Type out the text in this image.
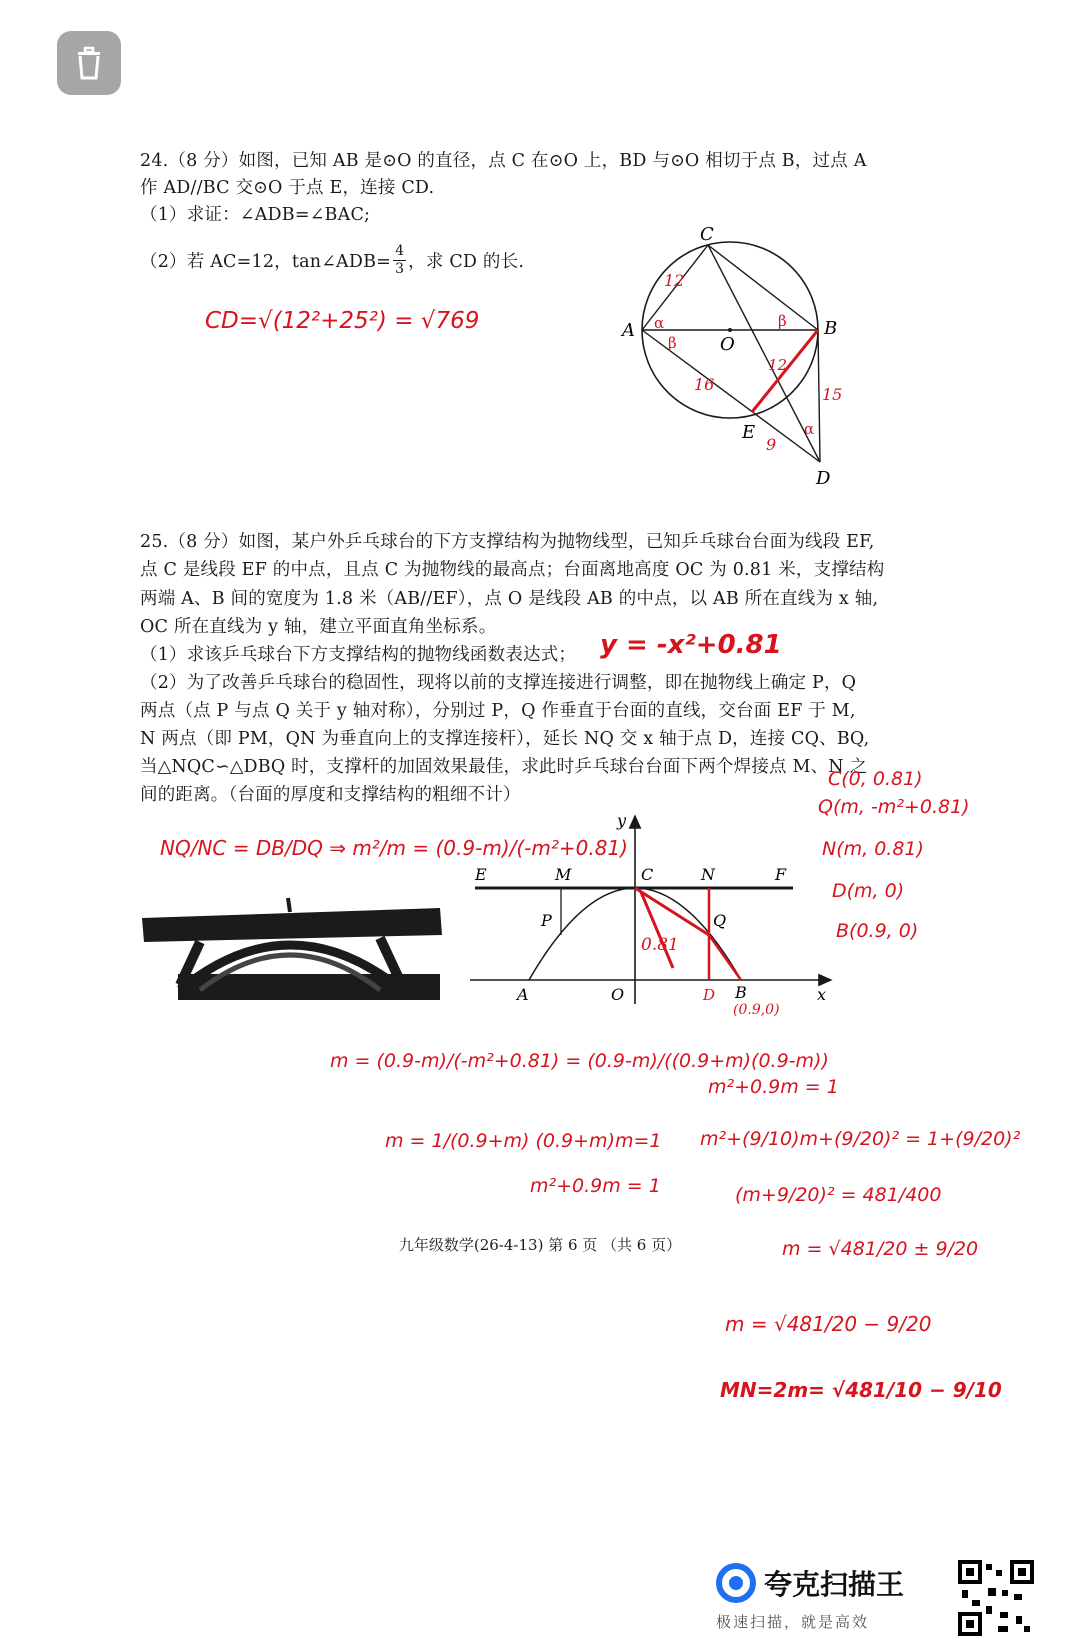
24.（8 分）如图，已知 AB 是⊙O 的直径，点 C 在⊙O 上，BD 与⊙O 相切于点 B，过点 A
作 AD//BC 交⊙O 于点 E，连接 CD.
（1）求证：∠ADB=∠BAC;
（2）若 AC=12，tan∠ADB= $\frac{4}{3}$ ，求 CD 的长.
C
A
O
B
E
D
12
α
β
β
16
12
15
9
α
CD=√(12²+25²) = √769
25.（8 分）如图，某户外乒乓球台的下方支撑结构为抛物线型，已知乒乓球台台面为线段 EF,
点 C 是线段 EF 的中点，且点 C 为抛物线的最高点；台面离地高度 OC 为 0.81 米，支撑结构
两端 A、B 间的宽度为 1.8 米（AB//EF），点 O 是线段 AB 的中点，以 AB 所在直线为 x 轴,
OC 所在直线为 y 轴，建立平面直角坐标系。
（1）求该乒乓球台下方支撑结构的抛物线函数表达式；
（2）为了改善乒乓球台的稳固性，现将以前的支撑连接进行调整，即在抛物线上确定 P，Q
两点（点 P 与点 Q 关于 y 轴对称），分别过 P，Q 作垂直于台面的直线，交台面 EF 于 M,
N 两点（即 PM，QN 为垂直向上的支撑连接杆），延长 NQ 交 x 轴于点 D，连接 CQ、BQ,
当△NQC∽△DBQ 时，支撑杆的加固效果最佳，求此时乒乓球台台面下两个焊接点 M、N 之
间的距离。（台面的厚度和支撑结构的粗细不计）
y = -x²+0.81
y
x
E	M	C	N	F
P	Q
A	O	B
0.81
D
(0.9,0)
C(0, 0.81)
Q(m, -m²+0.81)
N(m, 0.81)
D(m, 0)
B(0.9, 0)
NQ/NC = DB/DQ ⇒ m²/m = (0.9-m)/(-m²+0.81)
m = (0.9-m)/(-m²+0.81) = (0.9-m)/((0.9+m)(0.9-m))
m = 1/(0.9+m) (0.9+m)m=1
m²+0.9m = 1
m²+0.9m = 1
m²+(9/10)m+(9/20)² = 1+(9/20)²
(m+9/20)² = 481/400
m = √481/20 ± 9/20
m = √481/20 − 9/20
MN=2m= √481/10 − 9/10
九年级数学(26-4-13) 第 6 页 （共 6 页）
夸克扫描王
极速扫描，就是高效
